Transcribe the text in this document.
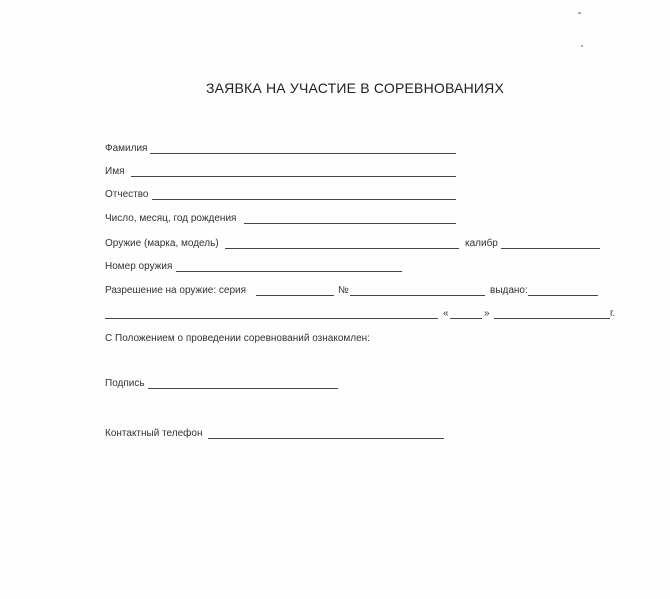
ЗАЯВКА НА УЧАСТИЕ В СОРЕВНОВАНИЯХ
Фамилия
Имя
Отчество
Число, месяц, год рождения
Оружие (марка, модель)	калибр
Номер оружия
Разрешение на оружие: серия	№	выдано:
«	»	г.
С Положением о проведении соревнований ознакомлен:
Подпись
Контактный телефон
